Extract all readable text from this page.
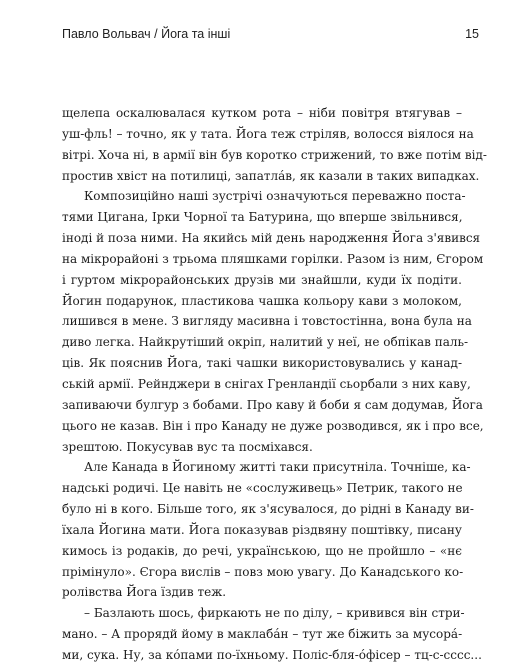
Павло Вольвач / Йога та інші	15
щелепа оскалювалася кутком рота – ніби повітря втягував –
уш-фль! – точно, як у тата. Йога теж стріляв, волосся віялося на
вітрі. Хоча ні, в армії він був коротко стрижений, то вже потім від-
простив хвіст на потилиці, запатлáв, як казали в таких випадках.
Композиційно наші зустрічі означуються переважно поста-
тями Цигана, Ірки Чорної та Батурина, що вперше звільнився,
іноді й поза ними. На якийсь мій день народження Йога з'явився
на мікрорайоні з трьома пляшками горілки. Разом із ним, Єгором
і гуртом мікрорайонських друзів ми знайшли, куди їх подіти.
Йогин подарунок, пластикова чашка кольору кави з молоком,
лишився в мене. З вигляду масивна і товстостінна, вона була на
диво легка. Найкрутіший окріп, налитий у неї, не обпікав паль-
ців. Як пояснив Йога, такі чашки використовувались у канад-
ській армії. Рейнджери в снігах Гренландії сьорбали з них каву,
запиваючи булгур з бобами. Про каву й боби я сам додумав, Йога
цього не казав. Він і про Канаду не дуже розводився, як і про все,
зрештою. Покусував вус та посміхався.
Але Канада в Йогиному житті таки присутніла. Точніше, ка-
надські родичі. Це навіть не «сослуживець» Петрик, такого не
було ні в кого. Більше того, як з'ясувалося, до рідні в Канаду ви-
їхала Йогина мати. Йога показував різдвяну поштівку, писану
кимось із родаків, до речі, українською, що не пройшло – «нє
прімінуло». Єгора вислів – повз мою увагу. До Канадського ко-
ролівства Йога їздив теж.
– Базлають шось, фиркають не по ділу, – кривився він стри-
мано. – А прорядй йому в маклабáн – тут же біжить за мусорá-
ми, сука. Ну, за кóпами по-їхньому. Поліс-бля-óфісер – тц-с-сссс...
